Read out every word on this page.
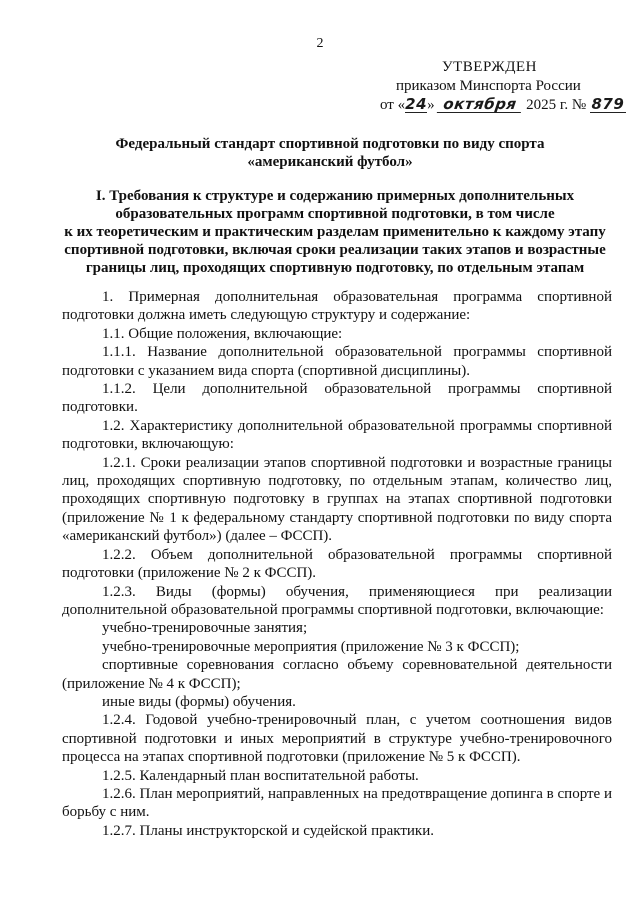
2
УТВЕРЖДЕН
приказом Минспорта России
от «24» октября 2025 г. № 879
Федеральный стандарт спортивной подготовки по виду спорта
«американский футбол»
I. Требования к структуре и содержанию примерных дополнительных
образовательных программ спортивной подготовки, в том числе
к их теоретическим и практическим разделам применительно к каждому этапу
спортивной подготовки, включая сроки реализации таких этапов и возрастные
границы лиц, проходящих спортивную подготовку, по отдельным этапам

1. Примерная дополнительная образовательная программа спортивной подготовки должна иметь следующую структуру и содержание:

1.1. Общие положения, включающие:

1.1.1. Название дополнительной образовательной программы спортивной подготовки с указанием вида спорта (спортивной дисциплины).

1.1.2. Цели дополнительной образовательной программы спортивной подготовки.

1.2. Характеристику дополнительной образовательной программы спортивной подготовки, включающую:

1.2.1. Сроки реализации этапов спортивной подготовки и возрастные границы лиц, проходящих спортивную подготовку, по отдельным этапам, количество лиц, проходящих спортивную подготовку в группах на этапах спортивной подготовки (приложение № 1 к федеральному стандарту спортивной подготовки по виду спорта «американский футбол») (далее – ФССП).

1.2.2. Объем дополнительной образовательной программы спортивной подготовки (приложение № 2 к ФССП).

1.2.3. Виды (формы) обучения, применяющиеся при реализации дополнительной образовательной программы спортивной подготовки, включающие:

учебно-тренировочные занятия;

учебно-тренировочные мероприятия (приложение № 3 к ФССП);

спортивные соревнования согласно объему соревновательной деятельности (приложение № 4 к ФССП);

иные виды (формы) обучения.

1.2.4. Годовой учебно-тренировочный план, с учетом соотношения видов спортивной подготовки и иных мероприятий в структуре учебно-тренировочного процесса на этапах спортивной подготовки (приложение № 5 к ФССП).

1.2.5. Календарный план воспитательной работы.

1.2.6. План мероприятий, направленных на предотвращение допинга в спорте и борьбу с ним.

1.2.7. Планы инструкторской и судейской практики.
